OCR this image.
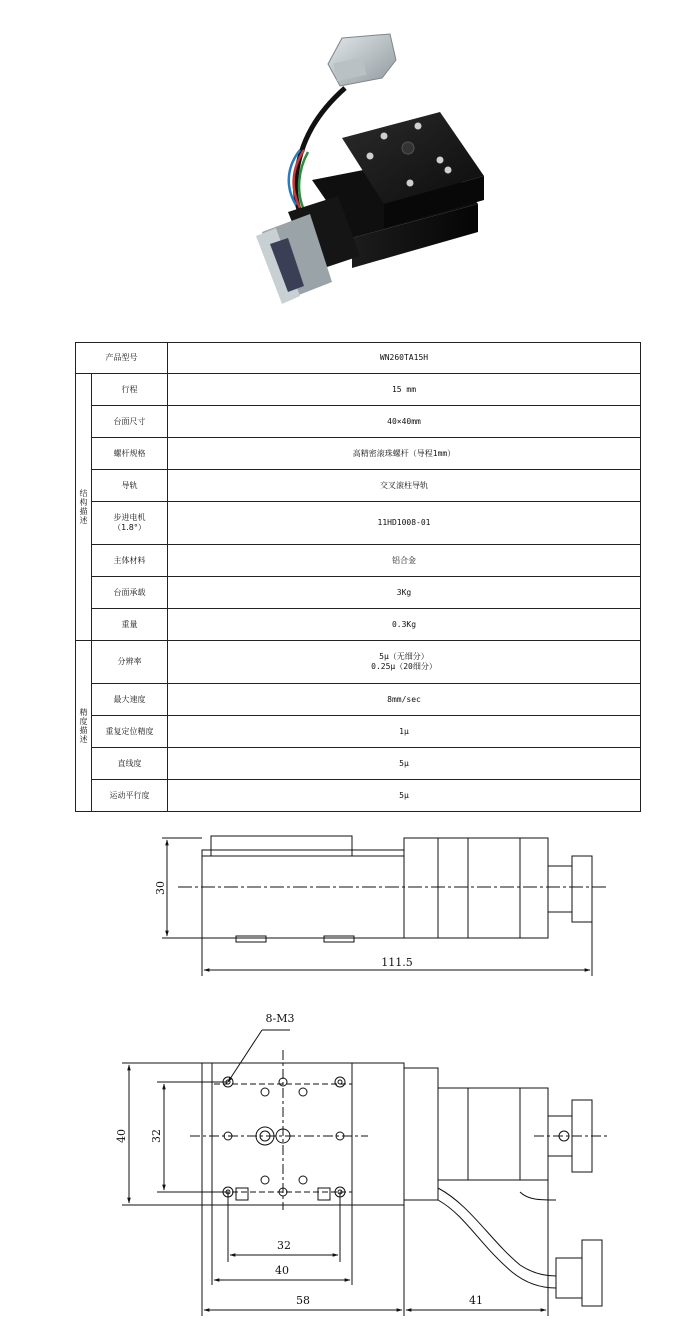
产品型号		WN260TA15H

结构描述	行程	15 mm
	台面尺寸	40×40mm
	螺杆规格	高精密滚珠螺杆（导程1mm）
	导轨	交叉滚柱导轨
	步进电机
（1.8°）	11HD1008-01
	主体材料	铝合金
	台面承载	3Kg
	重量	0.3Kg

精度描述	分辨率	5μ（无细分）
0.25μ（20细分）

	最大速度	8mm/sec
	重复定位精度	1μ
	直线度	5μ
	运动平行度	5μ
30
111.5
8-M3
40 32
32
40
58	41
